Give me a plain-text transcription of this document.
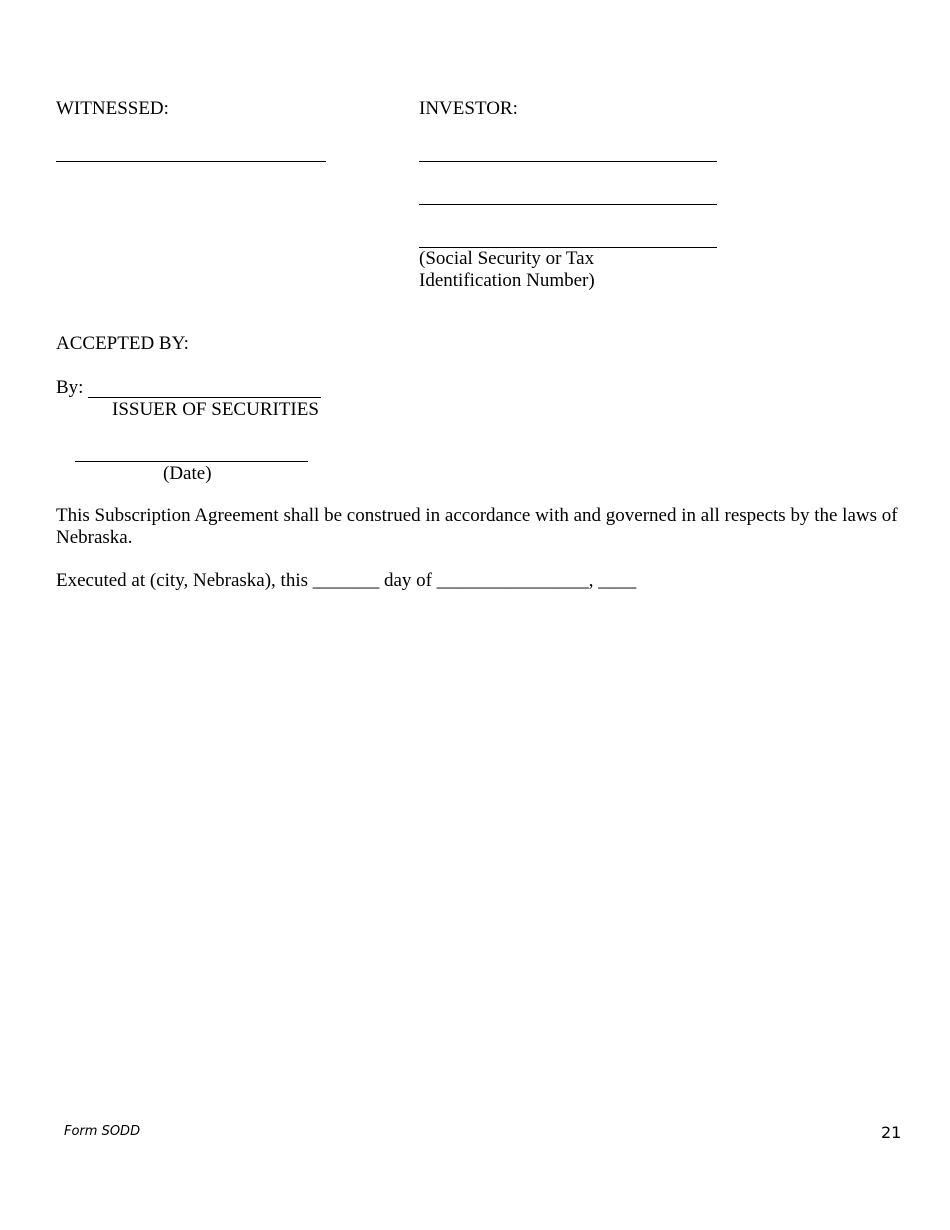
WITNESSED:	INVESTOR:
(Social Security or Tax
Identification Number)
ACCEPTED BY:
By:
ISSUER OF SECURITIES
(Date)
This Subscription Agreement shall be construed in accordance with and governed in all respects by the laws of Nebraska.
Executed at (city, Nebraska), this _______ day of ________________, ____
Form SODD	21
